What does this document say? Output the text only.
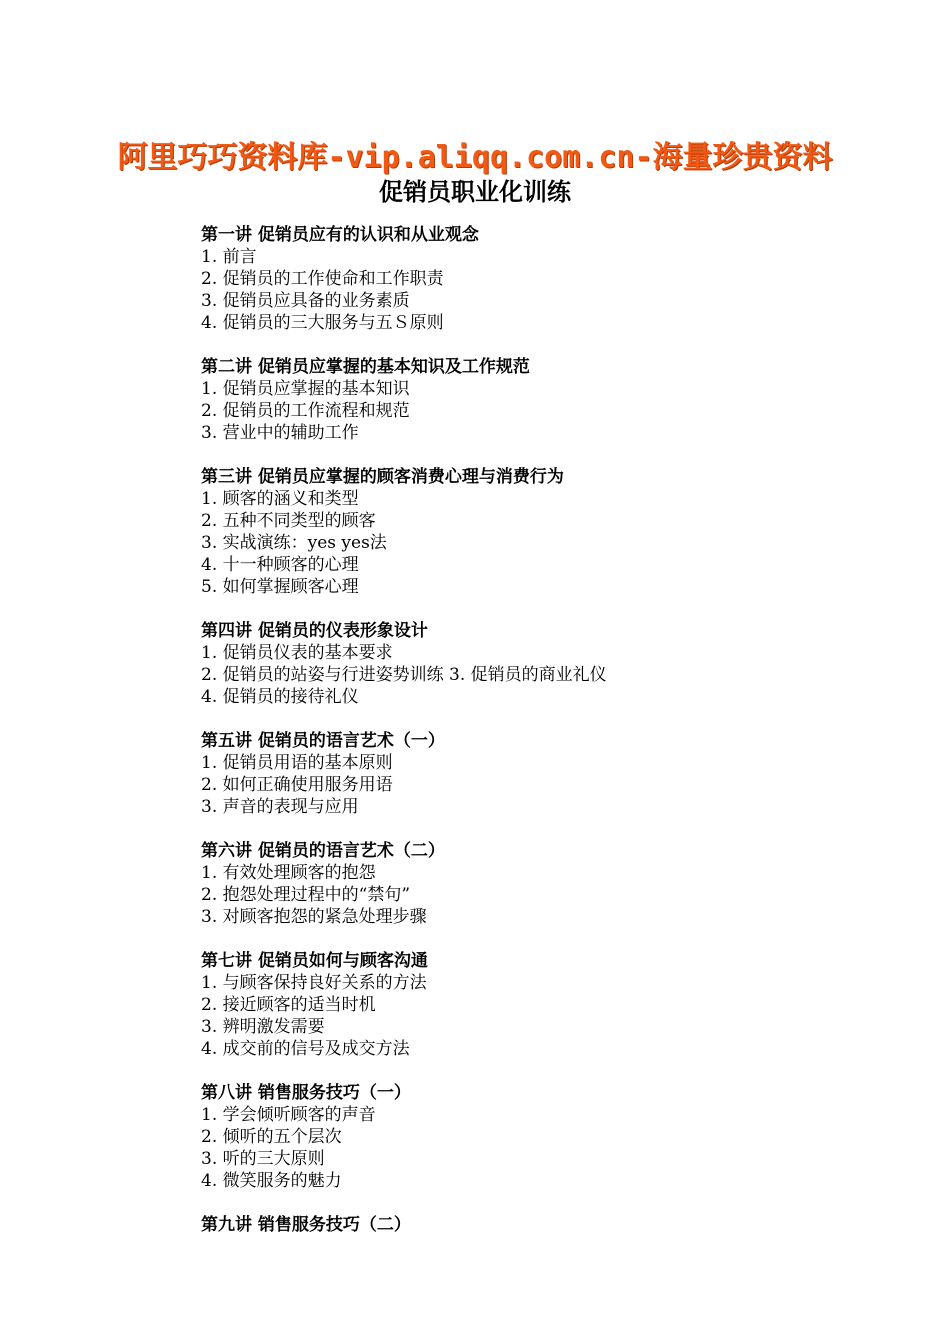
阿里巧巧资料库-vip.aliqq.com.cn-海量珍贵资料
促销员职业化训练
第一讲 促销员应有的认识和从业观念
1. 前言
2. 促销员的工作使命和工作职责
3. 促销员应具备的业务素质
4. 促销员的三大服务与五Ｓ原则
第二讲 促销员应掌握的基本知识及工作规范
1. 促销员应掌握的基本知识
2. 促销员的工作流程和规范
3. 营业中的辅助工作
第三讲 促销员应掌握的顾客消费心理与消费行为
1. 顾客的涵义和类型
2. 五种不同类型的顾客
3. 实战演练：yes yes法
4. 十一种顾客的心理
5. 如何掌握顾客心理
第四讲 促销员的仪表形象设计
1. 促销员仪表的基本要求
2. 促销员的站姿与行进姿势训练 3. 促销员的商业礼仪
4. 促销员的接待礼仪
第五讲 促销员的语言艺术（一）
1. 促销员用语的基本原则
2. 如何正确使用服务用语
3. 声音的表现与应用
第六讲 促销员的语言艺术（二）
1. 有效处理顾客的抱怨
2. 抱怨处理过程中的“禁句”
3. 对顾客抱怨的紧急处理步骤
第七讲 促销员如何与顾客沟通
1. 与顾客保持良好关系的方法
2. 接近顾客的适当时机
3. 辨明激发需要
4. 成交前的信号及成交方法
第八讲 销售服务技巧（一）
1. 学会倾听顾客的声音
2. 倾听的五个层次
3. 听的三大原则
4. 微笑服务的魅力
第九讲 销售服务技巧（二）
